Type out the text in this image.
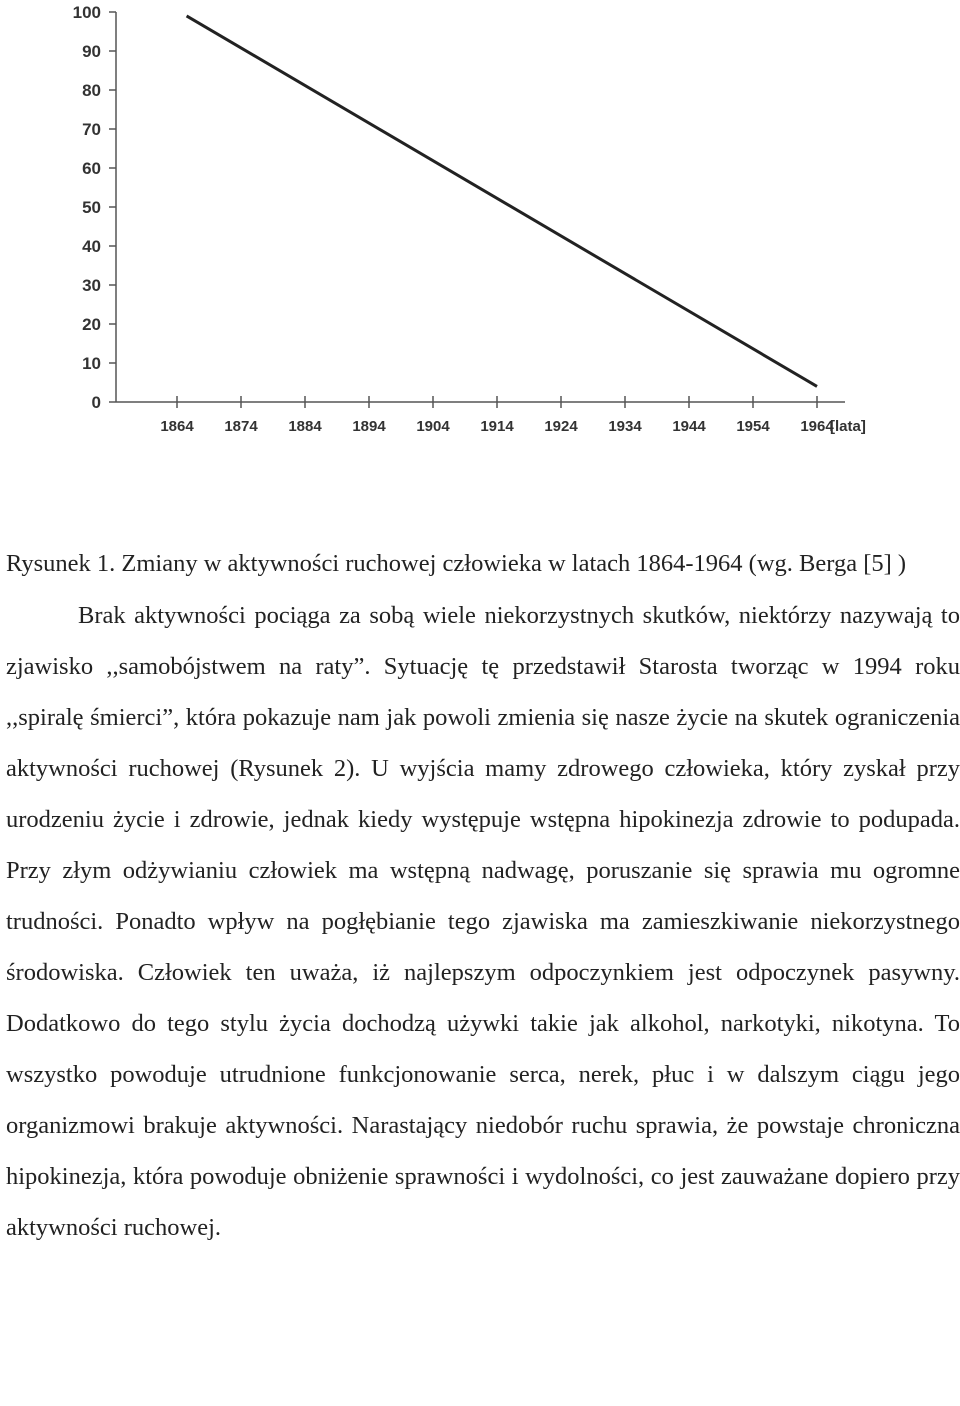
100
90
80
70
60
50
40
30
20
10
0
1864 1874 1884 1894 1904 1914 1924 1934 1944 1954 1964
[lata]

Rysunek 1. Zmiany w aktywności ruchowej człowieka w latach 1864-1964 (wg. Berga [5] )

Brak aktywności pociąga za sobą wiele niekorzystnych skutków, niektórzy nazywają to zjawisko ,,samobójstwem na raty”. Sytuację tę przedstawił Starosta tworząc w 1994 roku ,,spiralę śmierci”, która pokazuje nam jak powoli zmienia się nasze życie na skutek ograniczenia aktywności ruchowej (Rysunek 2). U wyjścia mamy zdrowego człowieka, który zyskał przy urodzeniu życie i zdrowie, jednak kiedy występuje wstępna hipokinezja zdrowie to podupada. Przy złym odżywianiu człowiek ma wstępną nadwagę, poruszanie się sprawia mu ogromne trudności. Ponadto wpływ na pogłębianie tego zjawiska ma zamieszkiwanie niekorzystnego środowiska. Człowiek ten uważa, iż najlepszym odpoczynkiem jest odpoczynek pasywny. Dodatkowo do tego stylu życia dochodzą używki takie jak alkohol, narkotyki, nikotyna. To wszystko powoduje utrudnione funkcjonowanie serca, nerek, płuc i w dalszym ciągu jego organizmowi brakuje aktywności. Narastający niedobór ruchu sprawia, że powstaje chroniczna hipokinezja, która powoduje obniżenie sprawności i wydolności, co jest zauważane dopiero przy aktywności ruchowej.
